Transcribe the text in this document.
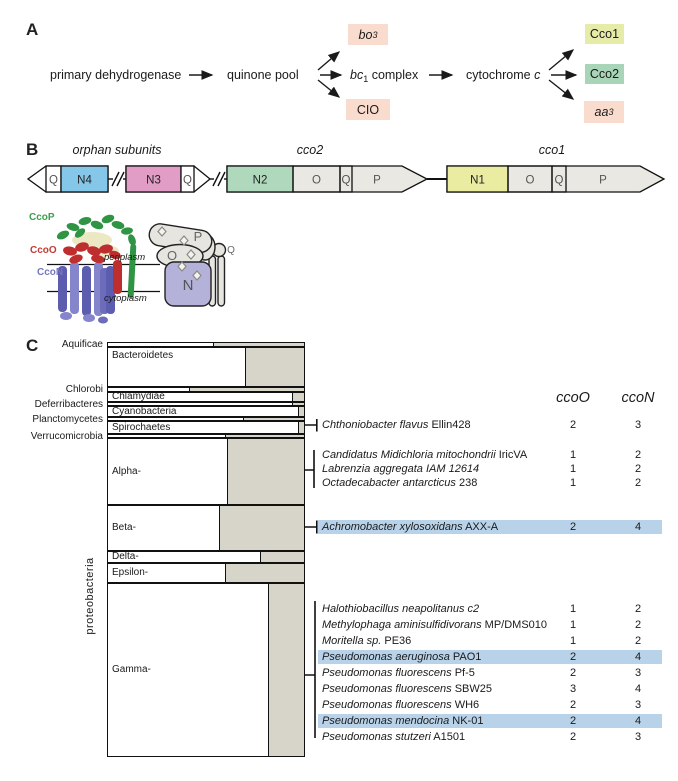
Q N4	N3 Q	N2	O Q P	N1	O Q	P
P
O
N
Q
A
primary dehydrogenase	quinone pool	$bc_1$ complex	cytochrome c
bo 3
CIO
Cco1
Cco2
aa 3
B	orphan subunits	cco2	cco1
CcoP
CcoO
CcoN
periplasm
cytoplasm
C
proteobacteria
Aquificae
Bacteroidetes
Chlorobi
Chlamydiae
Deferribacteres
Cyanobacteria
Planctomycetes
Spirochaetes
Verrucomicrobia
Alpha-
Beta-
Delta-
Epsilon-
Gamma-
ccoO	ccoN
Chthoniobacter flavus Ellin428	2	3
Candidatus Midichloria mitochondrii IricVA	1	2
Labrenzia aggregata IAM 12614	1	2
Octadecabacter antarcticus 238	1	2
Achromobacter xylosoxidans AXX-A	2	4
Halothiobacillus neapolitanus c2	1	2
Methylophaga aminisulfidivorans MP/DMS010	1	2
Moritella sp. PE36	1	2
Pseudomonas aeruginosa PAO1	2	4
Pseudomonas fluorescens Pf-5	2	3
Pseudomonas fluorescens SBW25	3	4
Pseudomonas fluorescens WH6	2	3
Pseudomonas mendocina NK-01	2	4
Pseudomonas stutzeri A1501	2	3
